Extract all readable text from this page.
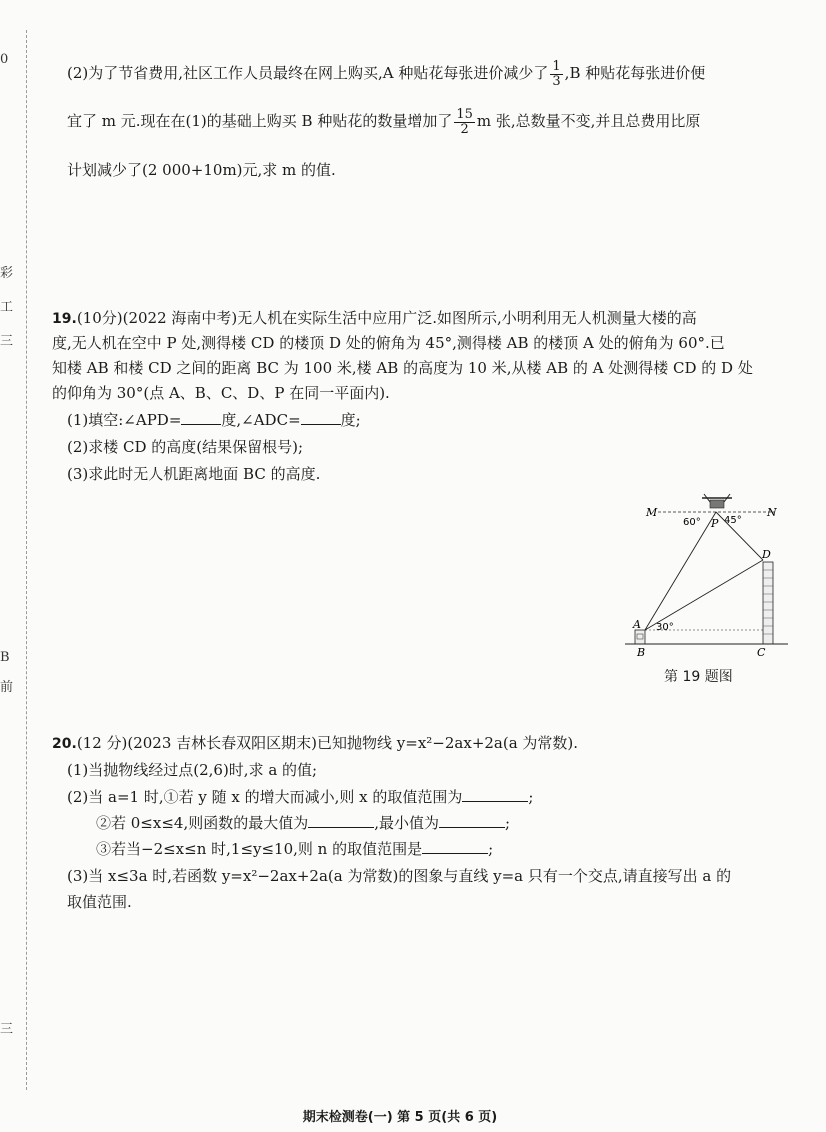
0
彩
工
三
B
前
三
(2)为了节省费用,社区工作人员最终在网上购买,A 种贴花每张进价减少了 $\frac{1}{3} ,B$ 种贴花每张进价便
宜了 m 元.现在在(1)的基础上购买 B 种贴花的数量增加了 $\frac{15}{2}$ m 张,总数量不变,并且总费用比原
计划减少了(2 000+10m)元,求 m 的值.
19.(10分)(2022 海南中考)无人机在实际生活中应用广泛.如图所示,小明利用无人机测量大楼的高
度,无人机在空中 P 处,测得楼 CD 的楼顶 D 处的俯角为 45°,测得楼 AB 的楼顶 A 处的俯角为 60°.已
知楼 AB 和楼 CD 之间的距离 BC 为 100 米,楼 AB 的高度为 10 米,从楼 AB 的 A 处测得楼 CD 的 D 处
的仰角为 30°(点 A、B、C、D、P 在同一平面内).
(1)填空:∠APD=	度,∠ADC=	度;
(2)求楼 CD 的高度(结果保留根号);
(3)求此时无人机距离地面 BC 的高度.
M	N
60° P 45°
D
A 30°
B	C
第 19 题图
20.(12 分)(2023 吉林长春双阳区期末)已知抛物线 y=x²−2ax+2a(a 为常数).
(1)当抛物线经过点(2,6)时,求 a 的值;
(2)当 a=1 时,①若 y 随 x 的增大而减小,则 x 的取值范围为	;
②若 0≤x≤4,则函数的最大值为	,最小值为	;
③若当−2≤x≤n 时,1≤y≤10,则 n 的取值范围是	;
(3)当 x≤3a 时,若函数 y=x²−2ax+2a(a 为常数)的图象与直线 y=a 只有一个交点,请直接写出 a 的
取值范围.
期末检测卷(一) 第 5 页(共 6 页)
